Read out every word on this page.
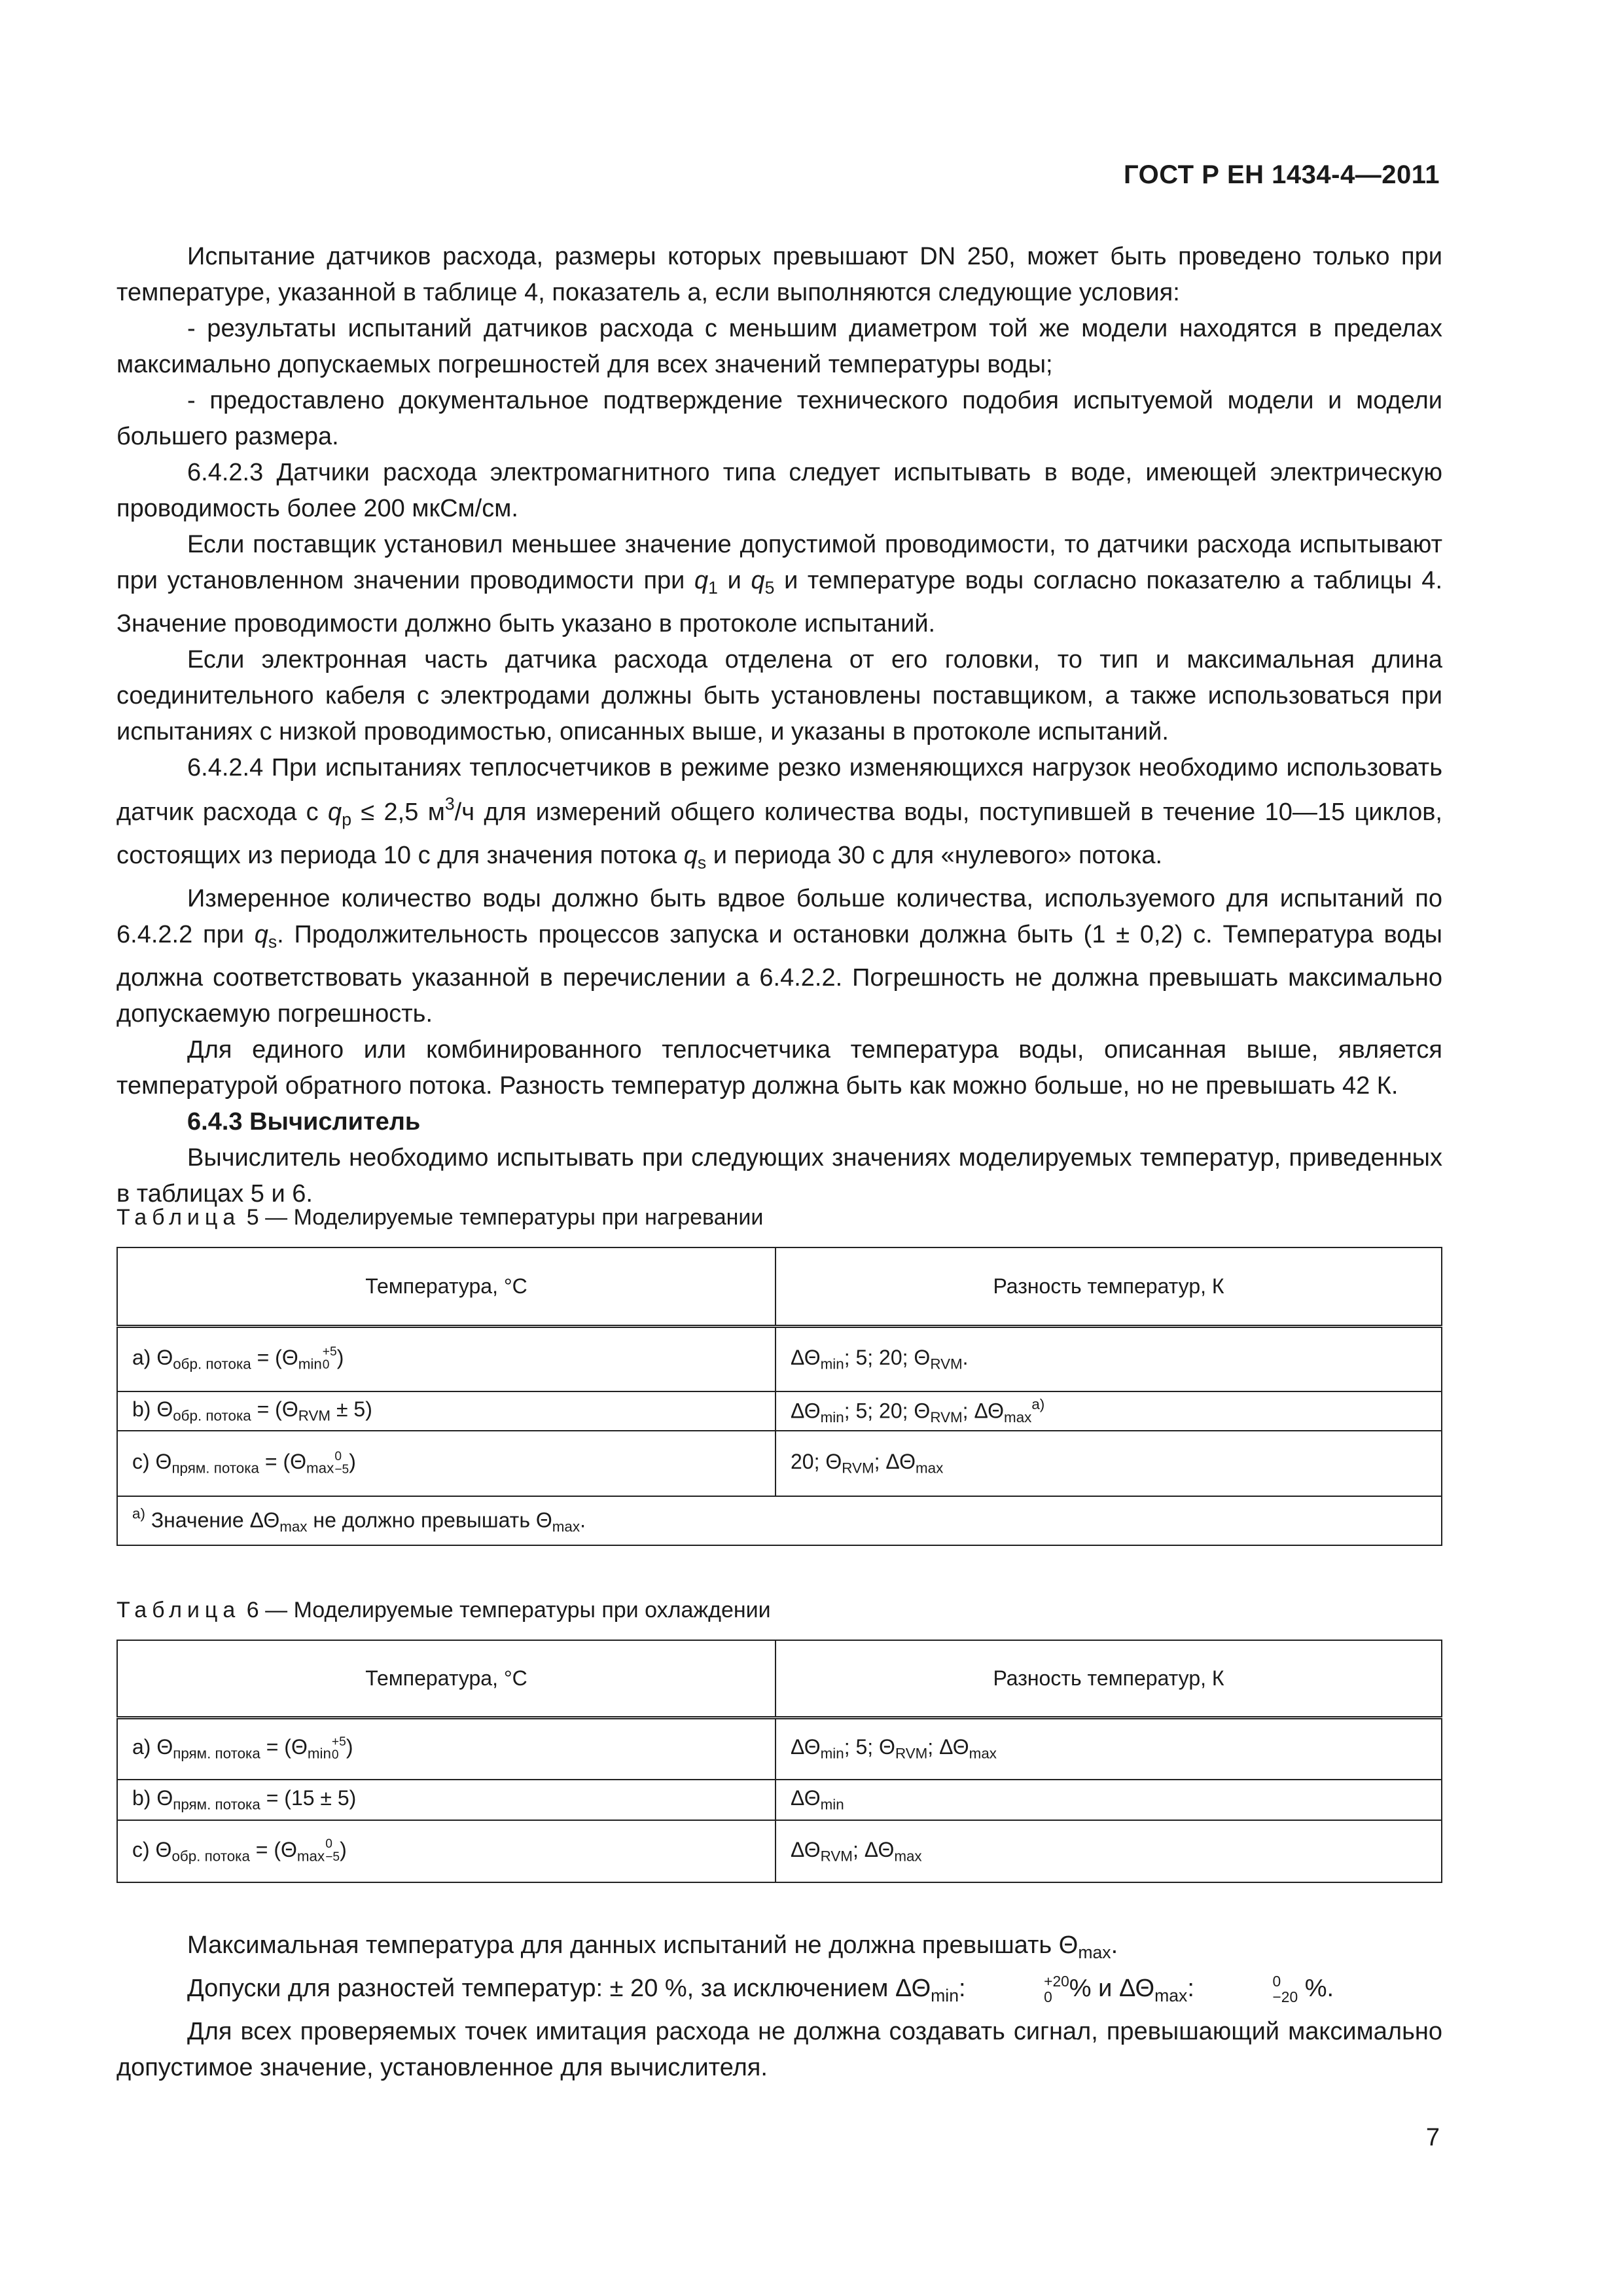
ГОСТ Р ЕН 1434-4—2011

Испытание датчиков расхода, размеры которых превышают DN 250, может быть проведено только при температуре, указанной в таблице 4, показатель а, если выполняются следующие условия:

- результаты испытаний датчиков расхода с меньшим диаметром той же модели находятся в пределах максимально допускаемых погрешностей для всех значений температуры воды;

- предоставлено документальное подтверждение технического подобия испытуемой модели и модели большего размера.

6.4.2.3 Датчики расхода электромагнитного типа следует испытывать в воде, имеющей электрическую проводимость более 200 мкСм/см.

Если поставщик установил меньшее значение допустимой проводимости, то датчики расхода испытывают при установленном значении проводимости при $q_1$ и $q_5$ и температуре воды согласно показателю а таблицы 4. Значение проводимости должно быть указано в протоколе испытаний.

Если электронная часть датчика расхода отделена от его головки, то тип и максимальная длина соединительного кабеля с электродами должны быть установлены поставщиком, а также использоваться при испытаниях с низкой проводимостью, описанных выше, и указаны в протоколе испытаний.

6.4.2.4 При испытаниях теплосчетчиков в режиме резко изменяющихся нагрузок необходимо использовать датчик расхода с $q_p \le 2,5$ $м^3/ч$ для измерений общего количества воды, поступившей в течение 10—15 циклов, состоящих из периода 10 с для значения потока $q_s$ и периода 30 с для «нулевого» потока.

Измеренное количество воды должно быть вдвое больше количества, используемого для испытаний по 6.4.2.2 при $q_s$. Продолжительность процессов запуска и остановки должна быть (1 ± 0,2) с. Температура воды должна соответствовать указанной в перечислении а 6.4.2.2. Погрешность не должна превышать максимально допускаемую погрешность.

Для единого или комбинированного теплосчетчика температура воды, описанная выше, является температурой обратного потока. Разность температур должна быть как можно больше, но не превышать 42 К.

6.4.3 Вычислитель

Вычислитель необходимо испытывать при следующих значениях моделируемых температур, приведенных в таблицах 5 и 6.

Таблица 5 — Моделируемые температуры при нагревании
Температура, °С	Разность температур, К
a) $\Theta_{обр. потока} = (\Theta_{min}$
+5
0 )	$\Delta\Theta_{min}$; 5; 20; $\Theta_{RVM}$.
b) $\Theta_{обр. потока} = (\Theta_{RVM} \pm 5)$	$\Delta\Theta_{min}$; 5; 20; $\Theta_{RVM}$; $\Delta\Theta_{max}^{а)}$
c) $\Theta_{прям. потока} = (\Theta_{max}$
0
−5 )	20; $\Theta_{RVM}$; $\Delta\Theta_{max}$
$^{а)}$ Значение $\Delta\Theta_{max}$ не должно превышать $\Theta_{max}$.	
Таблица 6 — Моделируемые температуры при охлаждении
Температура, °С	Разность температур, К
a) $\Theta_{прям. потока} = (\Theta_{min}$
+5
0 )	$\Delta\Theta_{min}$; 5; $\Theta_{RVM}$; $\Delta\Theta_{max}$
b) $\Theta_{прям. потока} = (15 \pm 5)$	$\Delta\Theta_{min}$
c) $\Theta_{обр. потока} = (\Theta_{max}$
0
−5 )	$\Delta\Theta_{RVM}$; $\Delta\Theta_{max}$

Максимальная температура для данных испытаний не должна превышать $\Theta_{max}$.

Допуски для разностей температур: ± 20 %, за исключением $\Delta\Theta_{min}$:	+20
0 % и $\Delta\Theta_{max}$:	0
−20 %.

Для всех проверяемых точек имитация расхода не должна создавать сигнал, превышающий максимально допустимое значение, установленное для вычислителя.

7
